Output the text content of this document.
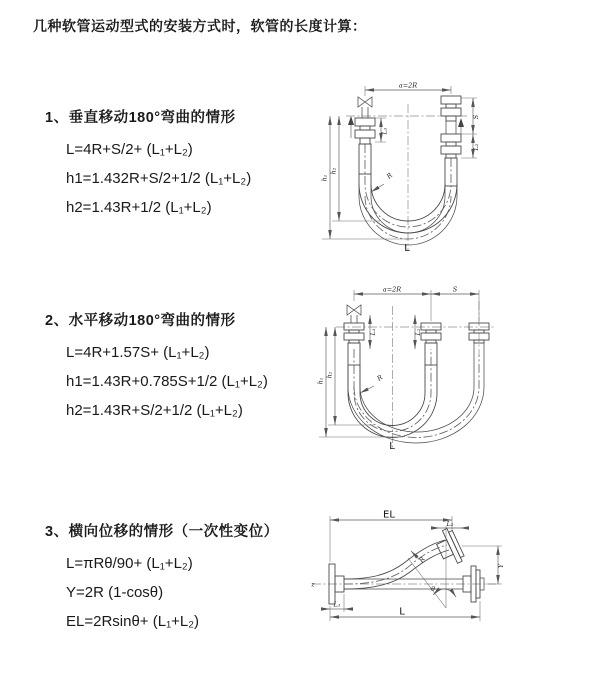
几种软管运动型式的安装方式时，软管的长度计算：
1、垂直移动180°弯曲的情形
L=4R+S/2+ (L₁+L₂)
h1=1.432R+S/2+1/2 (L₁+L₂)
h2=1.43R+1/2 (L₁+L₂)
2、水平移动180°弯曲的情形
L=4R+1.57S+ (L₁+L₂)
h1=1.43R+0.785S+1/2 (L₁+L₂)
h2=1.43R+S/2+1/2 (L₁+L₂)
3、横向位移的情形（一次性变位）
L=πRθ/90+ (L₁+L₂)
Y=2R (1-cosθ)
EL=2Rsinθ+ (L₁+L₂)
a=2R
h₁
h₂
L₁
S
L₂
R
L
a=2R	S
h₁
h₂
L₁	L₂
R
L
θ
EL
L₂
Y
L
L₁
R
z
